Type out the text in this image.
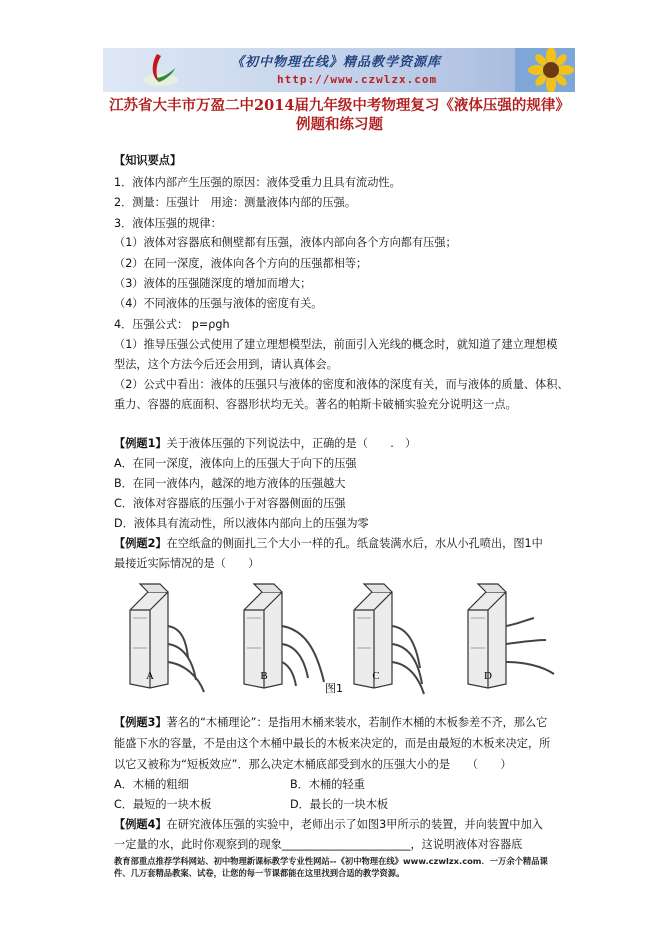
《初中物理在线》精品教学资源库
http://www.czwlzx.com
江苏省大丰市万盈二中2014届九年级中考物理复习《液体压强的规律》例题和练习题
【知识要点】
1．液体内部产生压强的原因：液体受重力且具有流动性。
2．测量：压强计　用途：测量液体内部的压强。
3．液体压强的规律：
（1）液体对容器底和侧壁都有压强，液体内部向各个方向都有压强；
（2）在同一深度，液体向各个方向的压强都相等；
（3）液体的压强随深度的增加而增大；
（4）不同液体的压强与液体的密度有关。
4．压强公式： p=ρgh
（1）推导压强公式使用了建立理想模型法，前面引入光线的概念时，就知道了建立理想模
型法，这个方法今后还会用到，请认真体会。
（2）公式中看出：液体的压强只与液体的密度和液体的深度有关，而与液体的质量、体积、
重力、容器的底面积、容器形状均无关。著名的帕斯卡破桶实验充分说明这一点。
【例题1】关于液体压强的下列说法中，正确的是（　　.　）
A．在同一深度，液体向上的压强大于向下的压强
B．在同一液体内，越深的地方液体的压强越大
C．液体对容器底的压强小于对容器侧面的压强
D．液体具有流动性，所以液体内部向上的压强为零
【例题2】在空纸盒的侧面扎三个大小一样的孔。纸盒装满水后，水从小孔喷出，图1中
最接近实际情况的是（　　）
A	B	C	D
图1
【例题3】著名的“木桶理论”：是指用木桶来装水，若制作木桶的木板参差不齐，那么它
能盛下水的容量，不是由这个木桶中最长的木板来决定的，而是由最短的木板来决定，所
以它又被称为“短板效应”．那么决定木桶底部受到水的压强大小的是　　（　　）
A．木桶的粗细	B．木桶的轻重
C．最短的一块木板	D．最长的一块木板
【例题4】在研究液体压强的实验中，老师出示了如图3甲所示的装置，并向装置中加入
一定量的水，此时你观察到的现象_______________________，这说明液体对容器底
教育部重点推荐学科网站、初中物理新课标教学专业性网站--《初中物理在线》www.czwlzx.com．一万余个精品课件、几万套精品教案、试卷，让您的每一节课都能在这里找到合适的教学资源。
